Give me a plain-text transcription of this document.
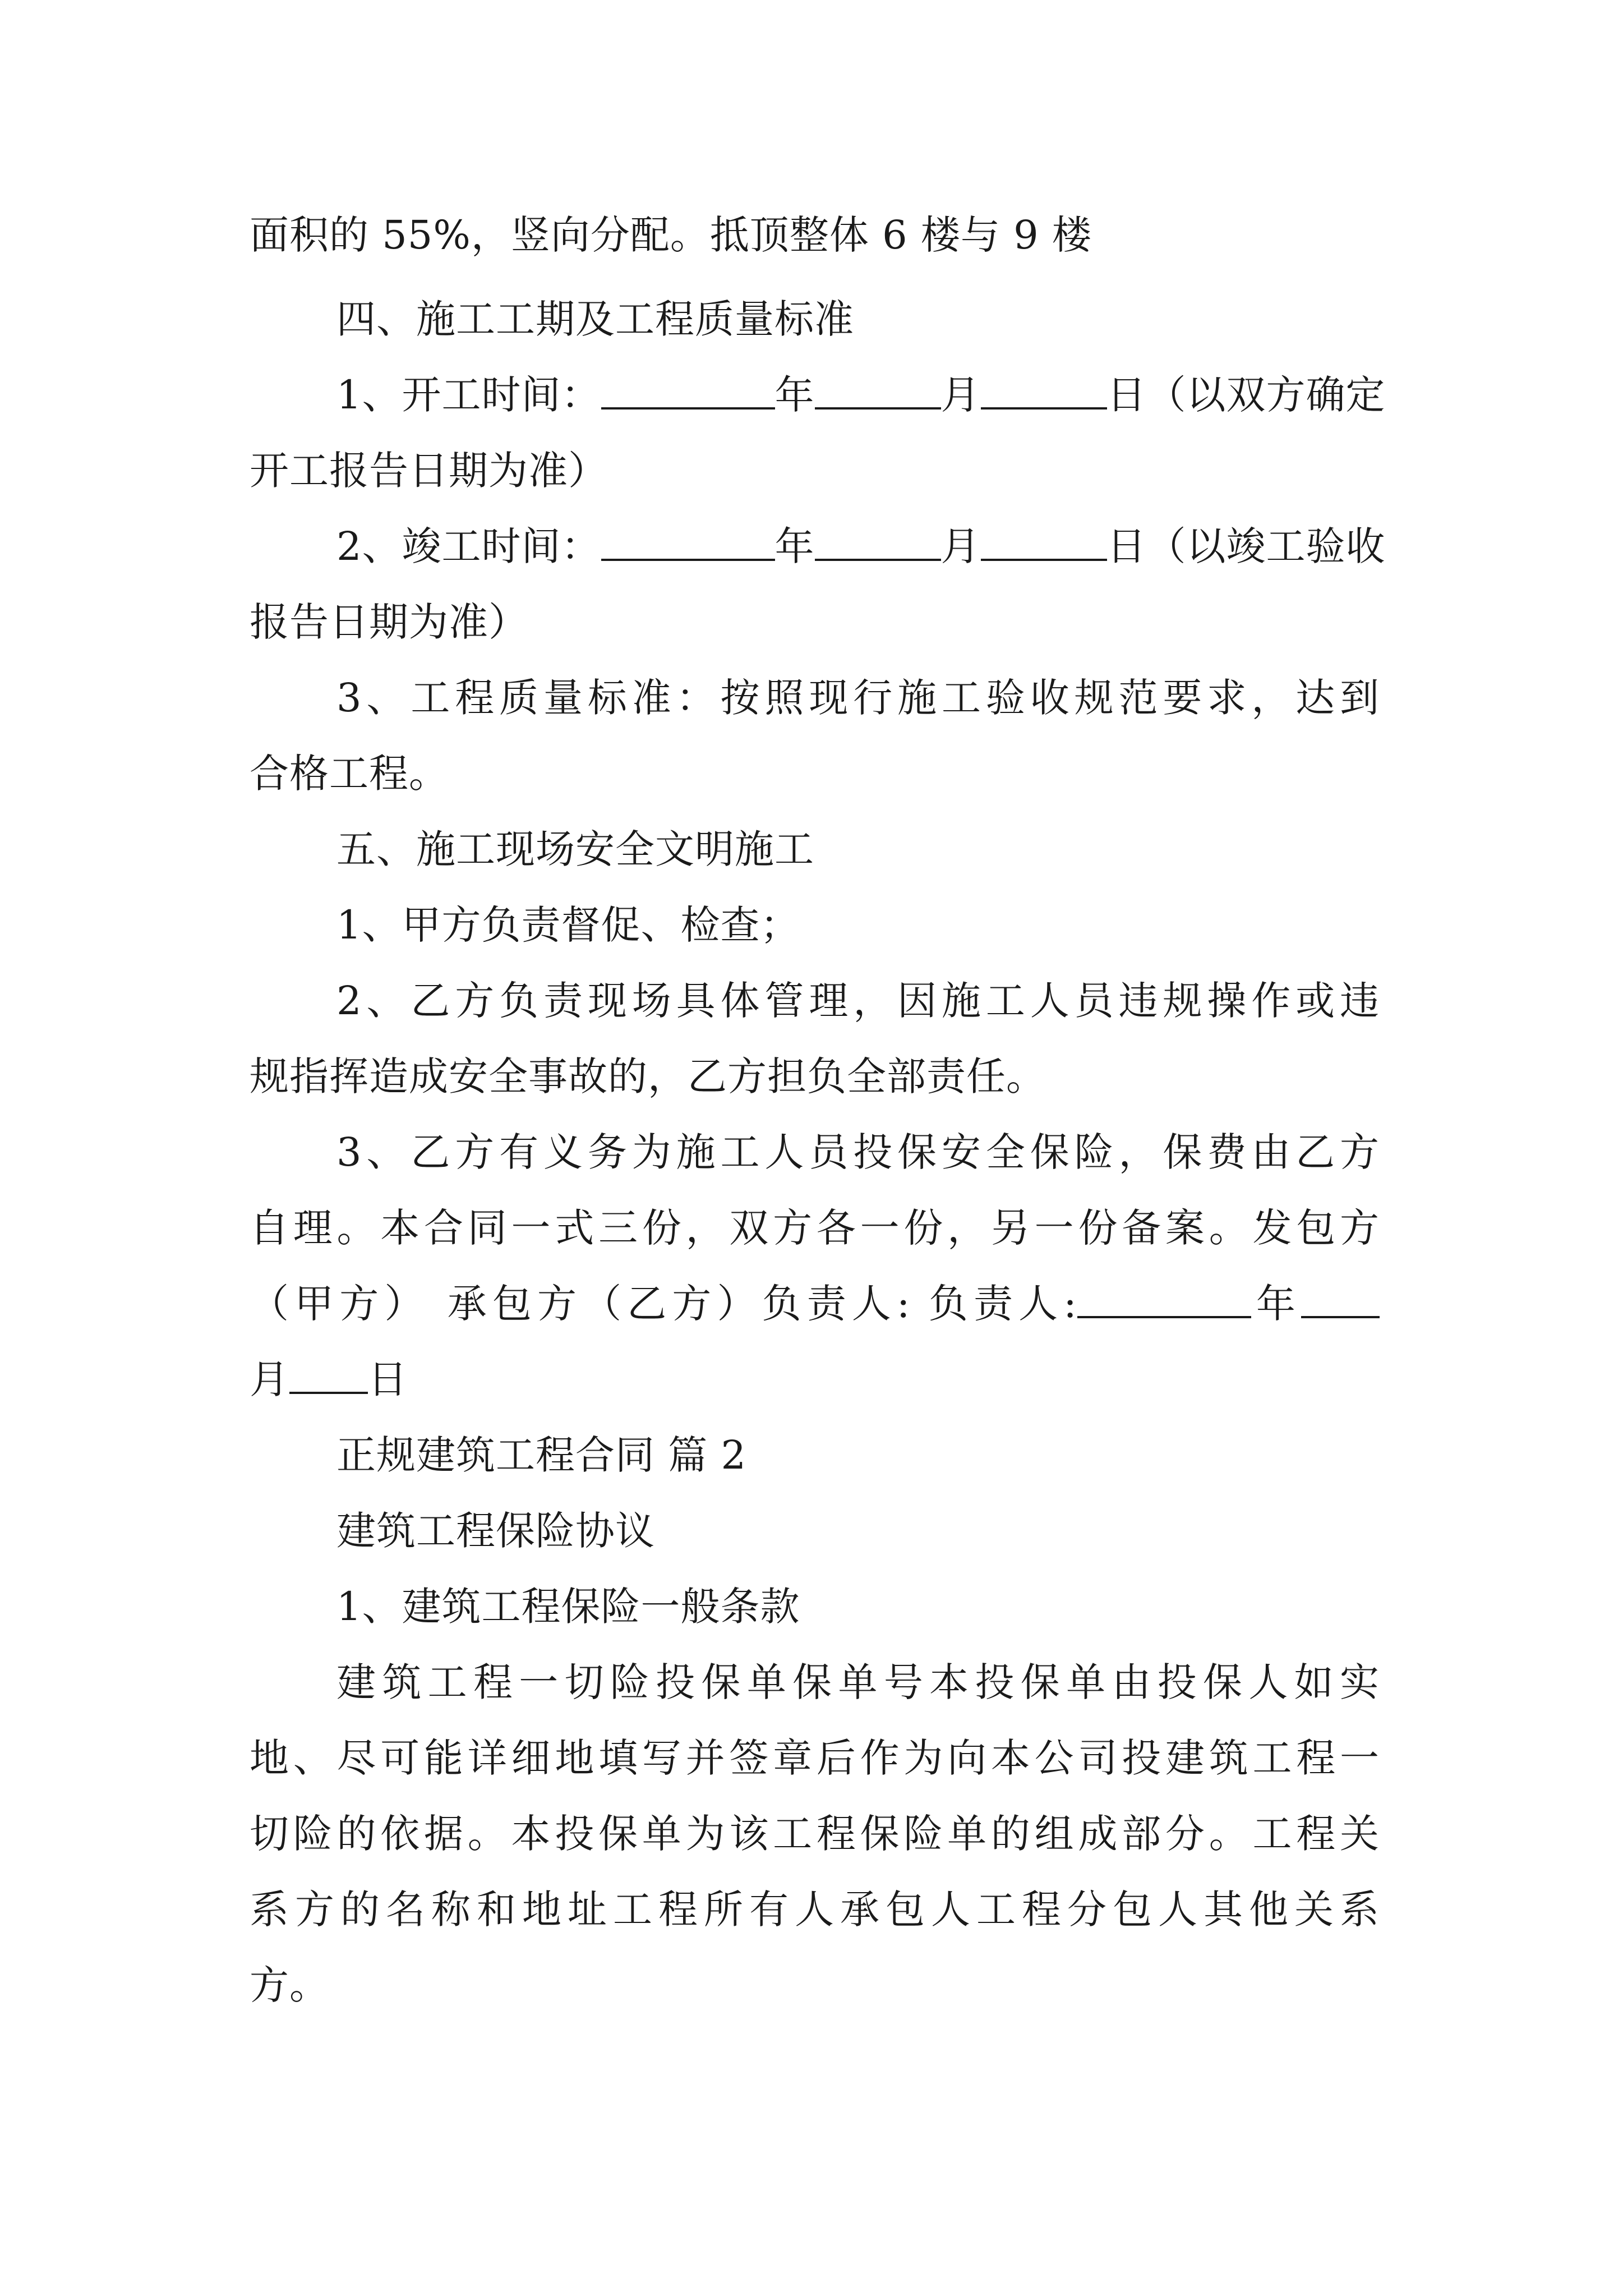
面积的 55%，竖向分配。抵顶整体 6 楼与 9 楼
四、施工工期及工程质量标准
1、开工时间：	年	月	日（以双方确定
开工报告日期为准）
2、竣工时间：	年	月	日（以竣工验收
报告日期为准）
3、工程质量标准：按照现行施工验收规范要求，达到
合格工程。
五、施工现场安全文明施工
1、甲方负责督促、检查；
2、乙方负责现场具体管理，因施工人员违规操作或违
规指挥造成安全事故的，乙方担负全部责任。
3、乙方有义务为施工人员投保安全保险，保费由乙方
自理。本合同一式三份，双方各一份，另一份备案。发包方
（甲方） 承包方（乙方）负责人: 负责人:	年
月 日
正规建筑工程合同 篇 2
建筑工程保险协议
1、建筑工程保险一般条款
建筑工程一切险投保单保单号本投保单由投保人如实
地、尽可能详细地填写并签章后作为向本公司投建筑工程一
切险的依据。本投保单为该工程保险单的组成部分。工程关
系方的名称和地址工程所有人承包人工程分包人其他关系
方。
